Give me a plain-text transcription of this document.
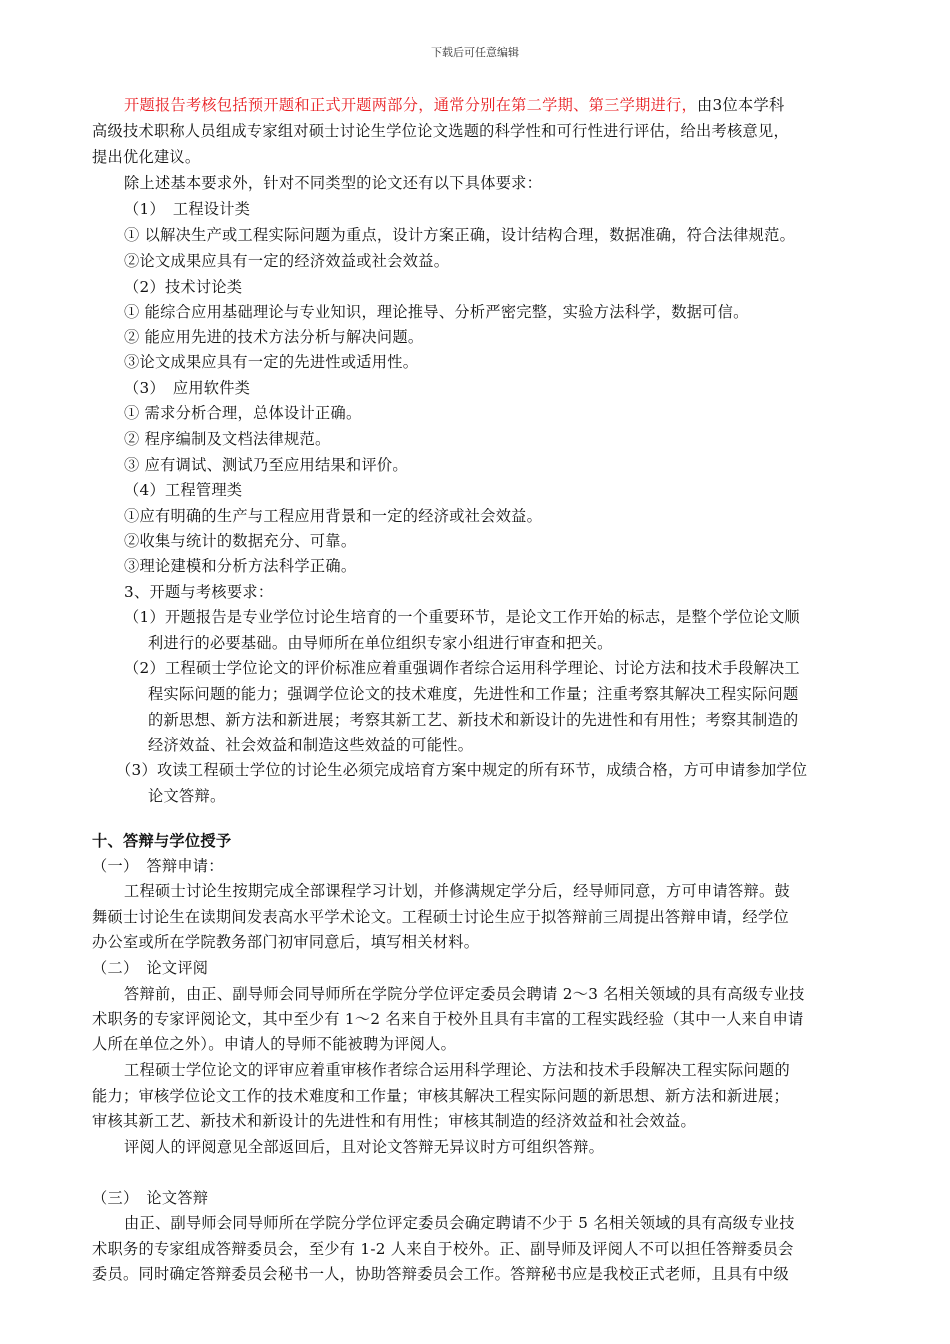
下载后可任意编辑
开题报告考核包括预开题和正式开题两部分，通常分别在第二学期、第三学期进行，由3位本学科
高级技术职称人员组成专家组对硕士讨论生学位论文选题的科学性和可行性进行评估，给出考核意见，
提出优化建议。
除上述基本要求外，针对不同类型的论文还有以下具体要求：
（1）　工程设计类
① 以解决生产或工程实际问题为重点，设计方案正确，设计结构合理，数据准确，符合法律规范。
②论文成果应具有一定的经济效益或社会效益。
（2）技术讨论类
① 能综合应用基础理论与专业知识，理论推导、分析严密完整，实验方法科学，数据可信。
② 能应用先进的技术方法分析与解决问题。
③论文成果应具有一定的先进性或适用性。
（3）　应用软件类
① 需求分析合理，总体设计正确。
② 程序编制及文档法律规范。
③ 应有调试、测试乃至应用结果和评价。
（4）工程管理类
①应有明确的生产与工程应用背景和一定的经济或社会效益。
②收集与统计的数据充分、可靠。
③理论建模和分析方法科学正确。
3、开题与考核要求：
（1）开题报告是专业学位讨论生培育的一个重要环节，是论文工作开始的标志，是整个学位论文顺
利进行的必要基础。由导师所在单位组织专家小组进行审查和把关。
（2）工程硕士学位论文的评价标准应着重强调作者综合运用科学理论、讨论方法和技术手段解决工
程实际问题的能力；强调学位论文的技术难度，先进性和工作量；注重考察其解决工程实际问题
的新思想、新方法和新进展；考察其新工艺、新技术和新设计的先进性和有用性；考察其制造的
经济效益、社会效益和制造这些效益的可能性。
（3）攻读工程硕士学位的讨论生必须完成培育方案中规定的所有环节，成绩合格，方可申请参加学位
论文答辩。
十、答辩与学位授予
（一）　答辩申请：
工程硕士讨论生按期完成全部课程学习计划，并修满规定学分后，经导师同意，方可申请答辩。鼓
舞硕士讨论生在读期间发表高水平学术论文。工程硕士讨论生应于拟答辩前三周提出答辩申请，经学位
办公室或所在学院教务部门初审同意后，填写相关材料。
（二）　论文评阅
答辩前，由正、副导师会同导师所在学院分学位评定委员会聘请 2～3 名相关领域的具有高级专业技
术职务的专家评阅论文，其中至少有 1～2 名来自于校外且具有丰富的工程实践经验（其中一人来自申请
人所在单位之外）。申请人的导师不能被聘为评阅人。
工程硕士学位论文的评审应着重审核作者综合运用科学理论、方法和技术手段解决工程实际问题的
能力；审核学位论文工作的技术难度和工作量；审核其解决工程实际问题的新思想、新方法和新进展；
审核其新工艺、新技术和新设计的先进性和有用性；审核其制造的经济效益和社会效益。
评阅人的评阅意见全部返回后，且对论文答辩无异议时方可组织答辩。
（三）　论文答辩
由正、副导师会同导师所在学院分学位评定委员会确定聘请不少于 5 名相关领域的具有高级专业技
术职务的专家组成答辩委员会，至少有 1-2 人来自于校外。正、副导师及评阅人不可以担任答辩委员会
委员。同时确定答辩委员会秘书一人，协助答辩委员会工作。答辩秘书应是我校正式老师，且具有中级
